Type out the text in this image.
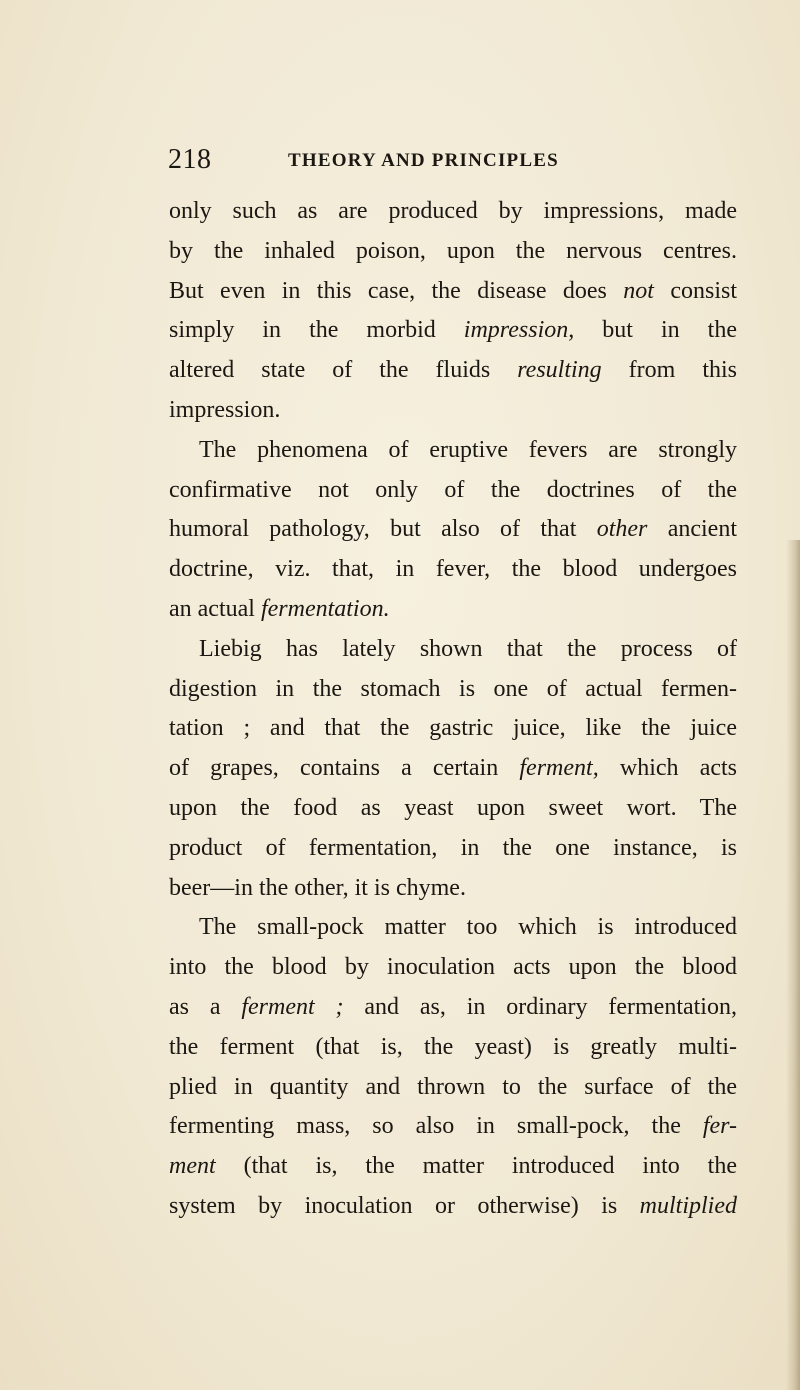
218	THEORY AND PRINCIPLES
only such as are produced by impressions, made
by the inhaled poison, upon the nervous centres.
But even in this case, the disease does not consist
simply in the morbid impression, but in the
altered state of the fluids resulting from this
impression.
The phenomena of eruptive fevers are strongly
confirmative not only of the doctrines of the
humoral pathology, but also of that other ancient
doctrine, viz. that, in fever, the blood undergoes
an actual fermentation.
Liebig has lately shown that the process of
digestion in the stomach is one of actual fermen-
tation ; and that the gastric juice, like the juice
of grapes, contains a certain ferment, which acts
upon the food as yeast upon sweet wort. The
product of fermentation, in the one instance, is
beer—in the other, it is chyme.
The small-pock matter too which is introduced
into the blood by inoculation acts upon the blood
as a ferment ; and as, in ordinary fermentation,
the ferment (that is, the yeast) is greatly multi-
plied in quantity and thrown to the surface of the
fermenting mass, so also in small-pock, the fer-
ment (that is, the matter introduced into the
system by inoculation or otherwise) is multiplied
